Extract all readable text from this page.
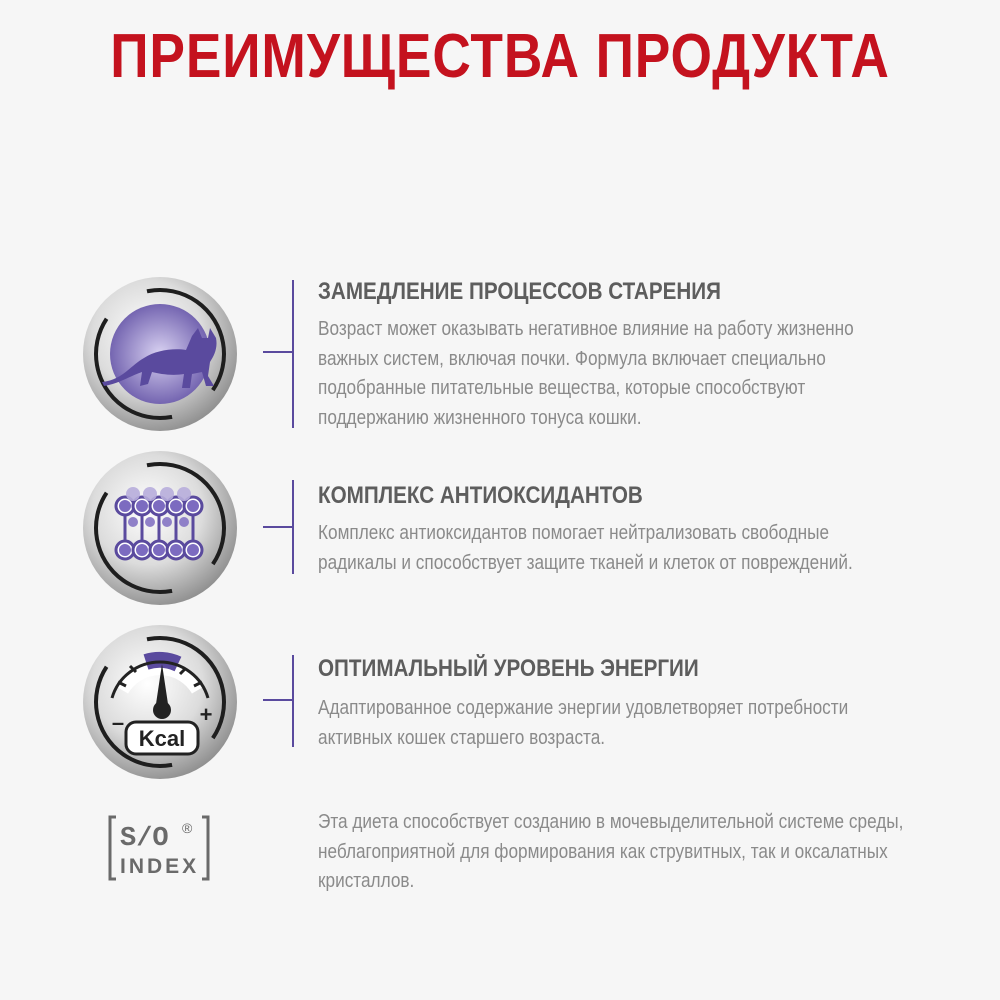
ПРЕИМУЩЕСТВА ПРОДУКТА
ЗАМЕДЛЕНИЕ ПРОЦЕССОВ СТАРЕНИЯ
Возраст может оказывать негативное влияние на работу жизненно
важных систем, включая почки. Формула включает специально
подобранные питательные вещества, которые способствуют
поддержанию жизненного тонуса кошки.
КОМПЛЕКС АНТИОКСИДАНТОВ
Комплекс антиоксидантов помогает нейтрализовать свободные
радикалы и способствует защите тканей и клеток от повреждений.
Kcal
–	+
ОПТИМАЛЬНЫЙ УРОВЕНЬ ЭНЕРГИИ
Адаптированное содержание энергии удовлетворяет потребности
активных кошек старшего возраста.
S/O ®
INDEX
Эта диета способствует созданию в мочевыделительной системе среды,
неблагоприятной для формирования как струвитных, так и оксалатных
кристаллов.
